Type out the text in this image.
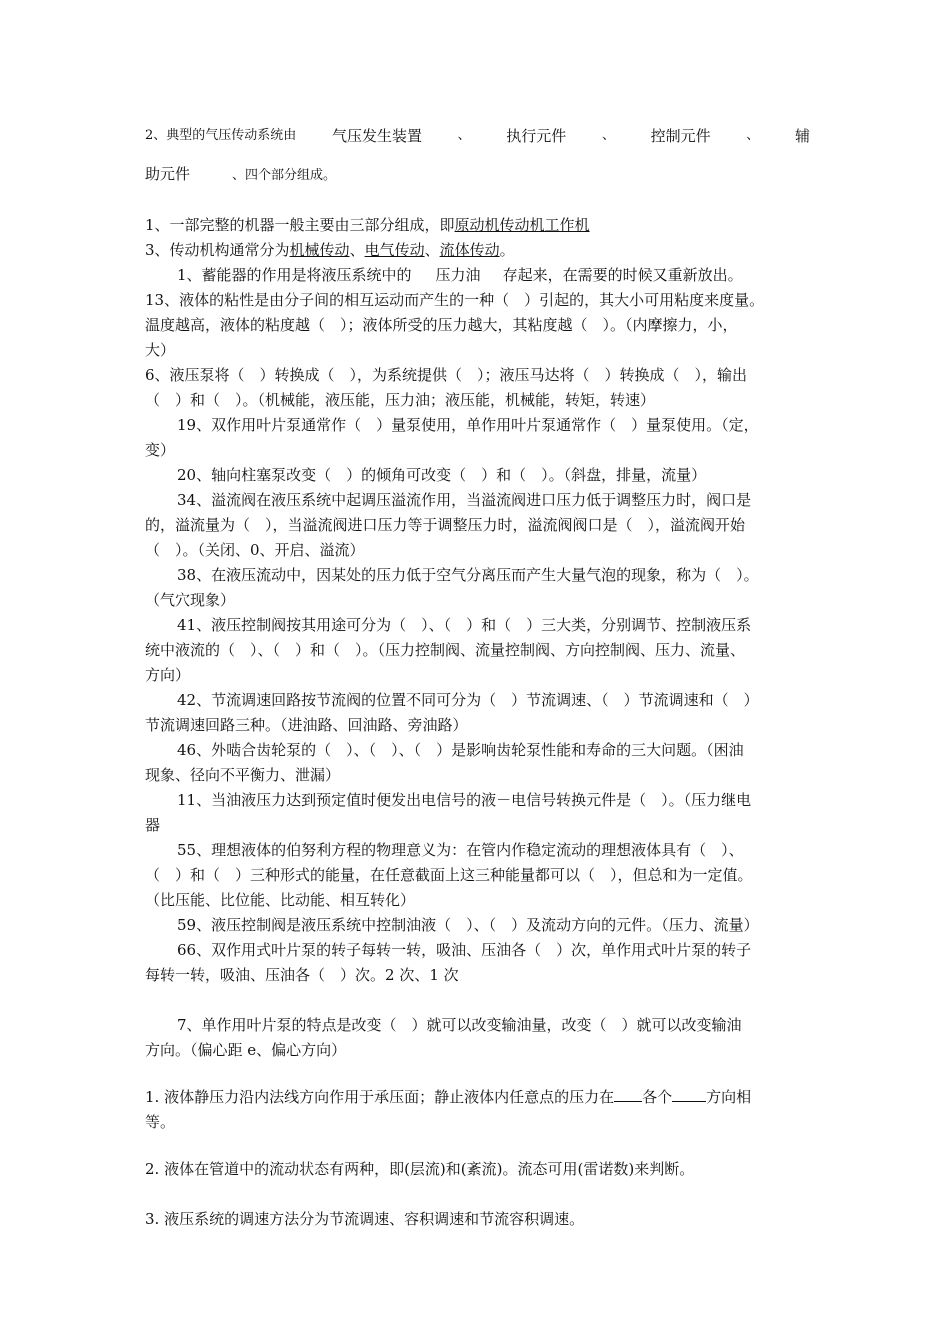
2、典型的气压传动系统由 气压发生装置	、 执行元件	、 控制元件	、 辅
助元件	、四个部分组成。
1、一部完整的机器一般主要由三部分组成，即原动机传动机工作机
3、传动机构通常分为机械传动、电气传动、流体传动。
1、蓄能器的作用是将液压系统中的 压力油 存起来，在需要的时候又重新放出。
13、液体的粘性是由分子间的相互运动而产生的一种（　）引起的，其大小可用粘度来度量。
温度越高，液体的粘度越（　）；液体所受的压力越大，其粘度越（　）。（内摩擦力，小，
大）
6、液压泵将（　）转换成（　），为系统提供（　）；液压马达将（　）转换成（　），输出
（　）和（　）。（机械能，液压能，压力油；液压能，机械能，转矩，转速）
19、双作用叶片泵通常作（　）量泵使用，单作用叶片泵通常作（　）量泵使用。（定，
变）
20、轴向柱塞泵改变（　）的倾角可改变（　）和（　）。（斜盘，排量，流量）
34、溢流阀在液压系统中起调压溢流作用，当溢流阀进口压力低于调整压力时，阀口是
的，溢流量为（　），当溢流阀进口压力等于调整压力时，溢流阀阀口是（　），溢流阀开始
（　）。（关闭、0、开启、溢流）
38、在液压流动中，因某处的压力低于空气分离压而产生大量气泡的现象，称为（　）。
（气穴现象）
41、液压控制阀按其用途可分为（　）、（　）和（　）三大类，分别调节、控制液压系
统中液流的（　）、（　）和（　）。（压力控制阀、流量控制阀、方向控制阀、压力、流量、
方向）
42、节流调速回路按节流阀的位置不同可分为（　）节流调速、（　）节流调速和（　）
节流调速回路三种。（进油路、回油路、旁油路）
46、外啮合齿轮泵的（　）、（　）、（　）是影响齿轮泵性能和寿命的三大问题。（困油
现象、径向不平衡力、泄漏）
11、当油液压力达到预定值时便发出电信号的液－电信号转换元件是（　）。（压力继电
器
55、理想液体的伯努利方程的物理意义为：在管内作稳定流动的理想液体具有（　）、
（　）和（　）三种形式的能量，在任意截面上这三种能量都可以（　），但总和为一定值。
（比压能、比位能、比动能、相互转化）
59、液压控制阀是液压系统中控制油液（　）、（　）及流动方向的元件。（压力、流量）
66、双作用式叶片泵的转子每转一转，吸油、压油各（　）次，单作用式叶片泵的转子
每转一转，吸油、压油各（　）次。2 次、1 次
7、单作用叶片泵的特点是改变（　）就可以改变输油量，改变（　）就可以改变输油
方向。（偏心距 e、偏心方向）
1. 液体静压力沿内法线方向作用于承压面；静止液体内任意点的压力在 各个 方向相
等。
2. 液体在管道中的流动状态有两种，即(层流)和(紊流)。流态可用(雷诺数)来判断。
3. 液压系统的调速方法分为节流调速、容积调速和节流容积调速。
